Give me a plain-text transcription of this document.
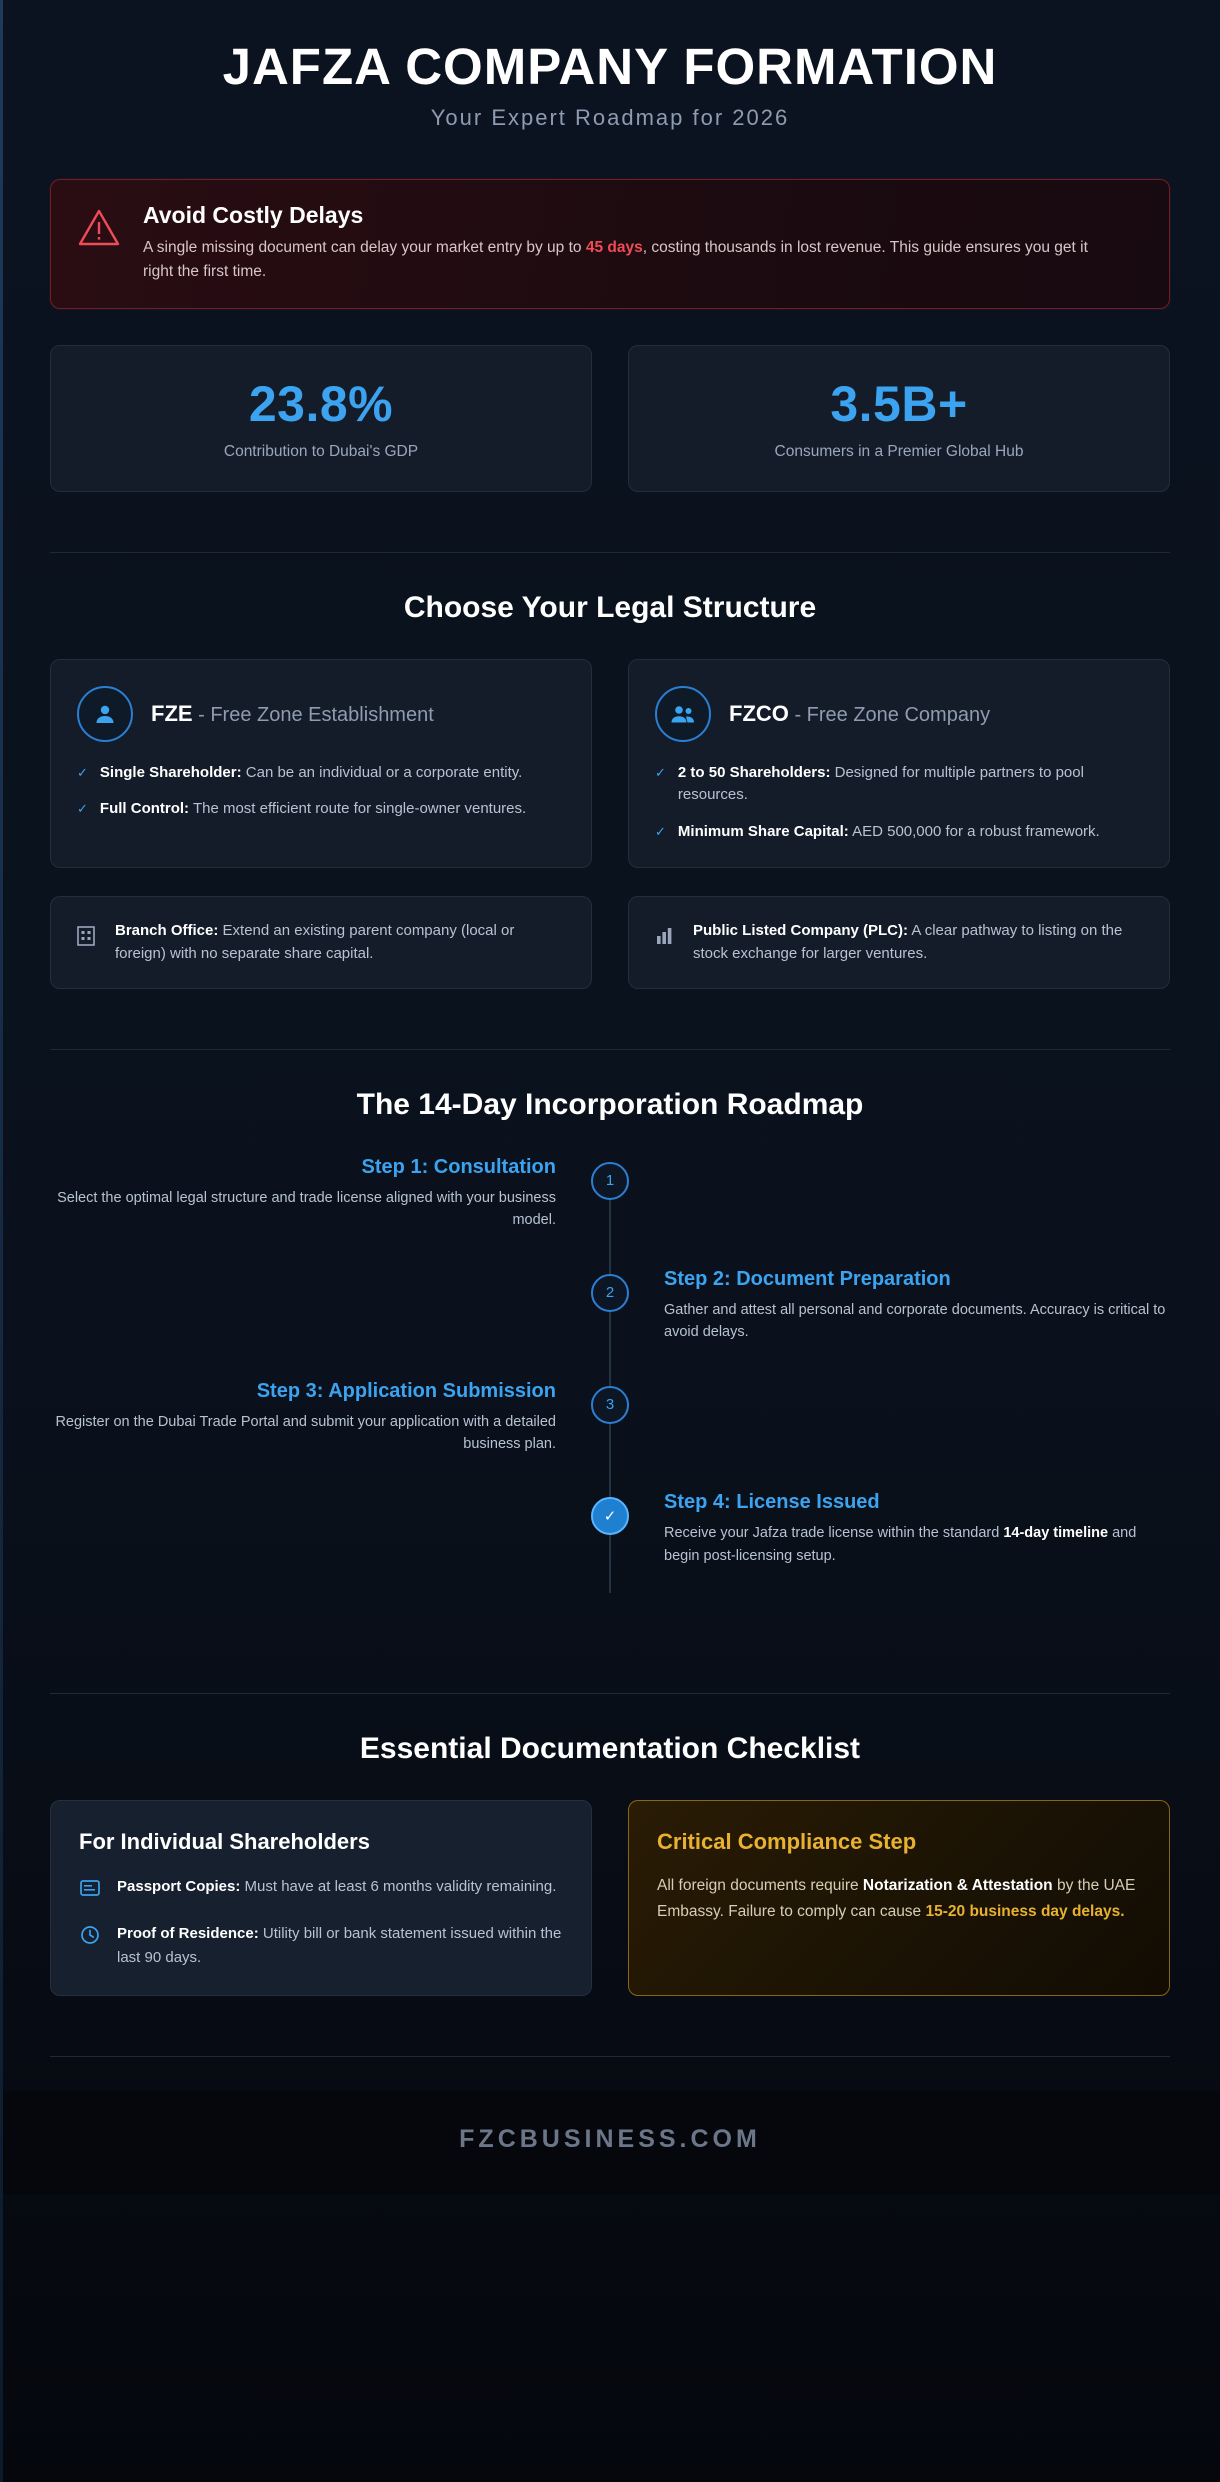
JAFZA COMPANY FORMATION
Your Expert Roadmap for 2026
Avoid Costly Delays

A single missing document can delay your market entry by up to 45 days, costing thousands in lost revenue. This guide ensures you get it right the first time.

23.8%
Contribution to Dubai's GDP
3.5B+
Consumers in a Premier Global Hub
Choose Your Legal Structure
FZE - Free Zone Establishment
✓ Single Shareholder: Can be an individual or a corporate entity.

✓ Full Control: The most efficient route for single-owner ventures.

FZCO - Free Zone Company
✓ 2 to 50 Shareholders: Designed for multiple partners to pool resources.

✓ Minimum Share Capital: AED 500,000 for a robust framework.

Branch Office: Extend an existing parent company (local or foreign) with no separate share capital.

Public Listed Company (PLC): A clear pathway to listing on the stock exchange for larger ventures.

The 14-Day Incorporation Roadmap
Step 1: Consultation

Select the optimal legal structure and trade license aligned with your business model.

1
2
Step 2: Document Preparation

Gather and attest all personal and corporate documents. Accuracy is critical to avoid delays.

Step 3: Application Submission

Register on the Dubai Trade Portal and submit your application with a detailed business plan.

3
✓
Step 4: License Issued

Receive your Jafza trade license within the standard 14-day timeline and begin post-licensing setup.

Essential Documentation Checklist
For Individual Shareholders

Passport Copies: Must have at least 6 months validity remaining.

Proof of Residence: Utility bill or bank statement issued within the last 90 days.

Critical Compliance Step

All foreign documents require Notarization & Attestation by the UAE Embassy. Failure to comply can cause 15-20 business day delays.

FZCBUSINESS.COM
